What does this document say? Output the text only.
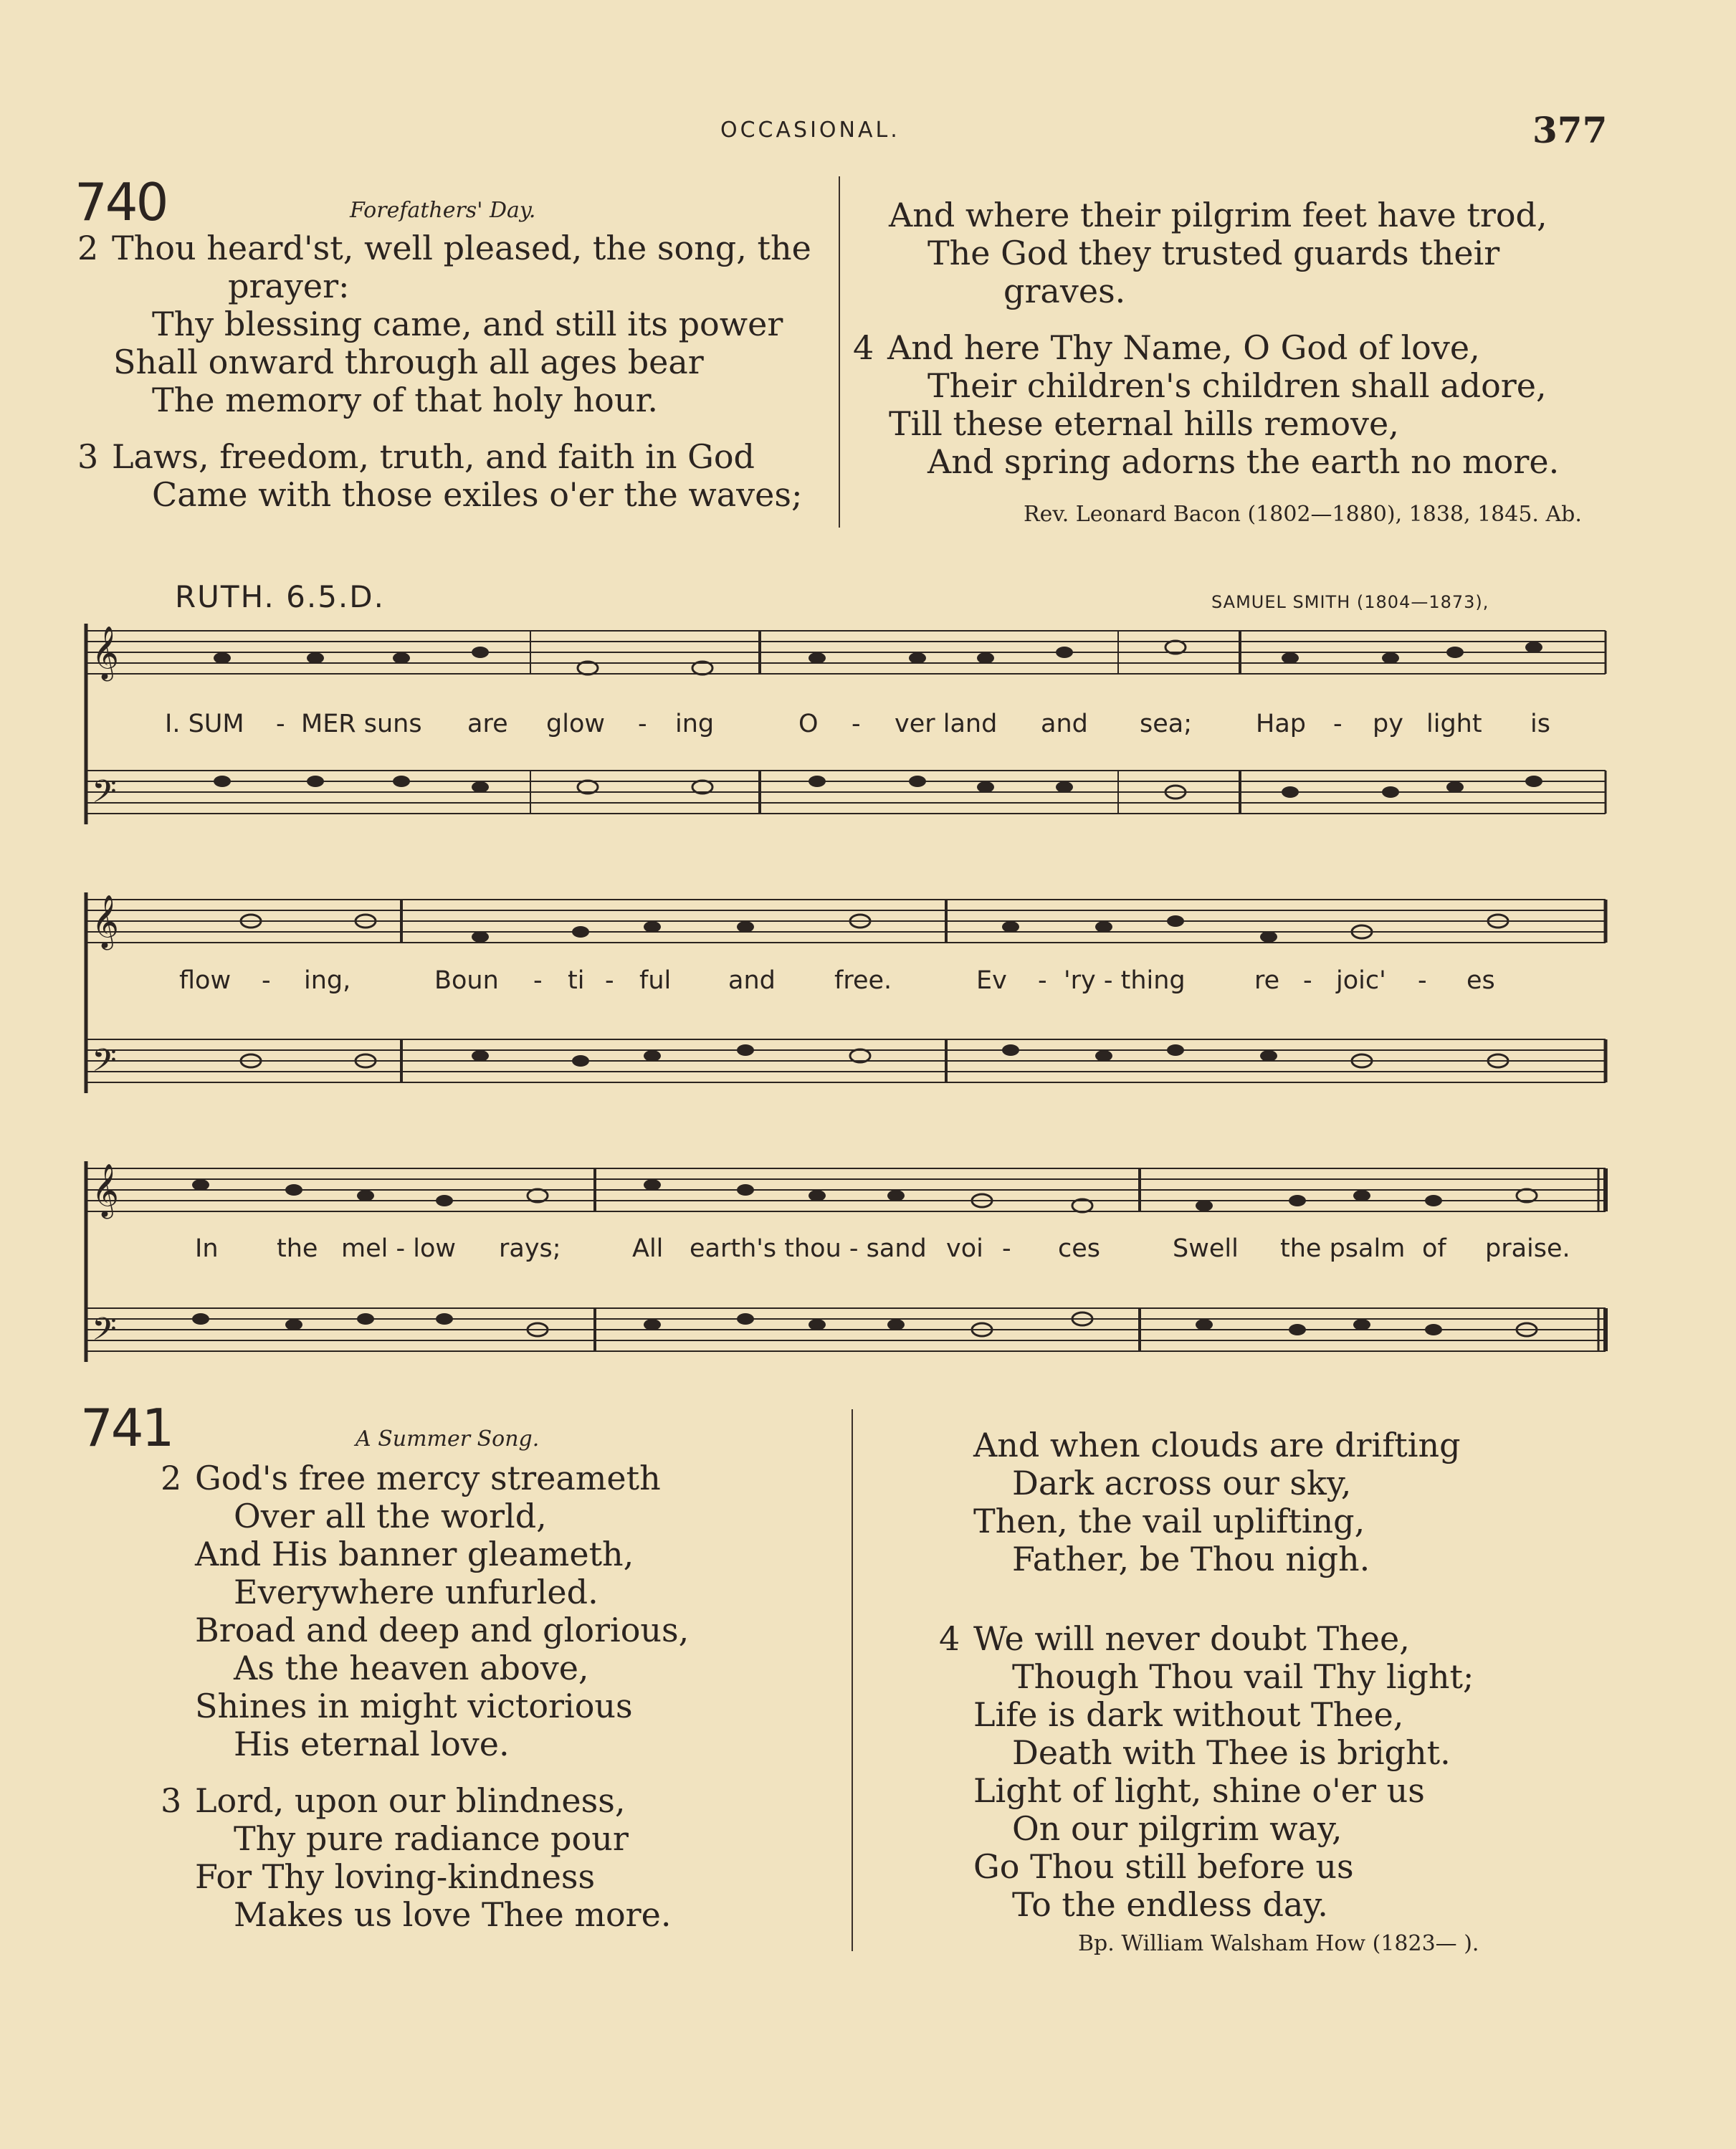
OCCASIONAL.	377
740	Forefathers' Day.
2 Thou heard'st, well pleased, the song, the
prayer:
Thy blessing came, and still its power
Shall onward through all ages bear
The memory of that holy hour.
3 Laws, freedom, truth, and faith in God
Came with those exiles o'er the waves;
And where their pilgrim feet have trod,
The God they trusted guards their
graves.
4 And here Thy Name, O God of love,
Their children's children shall adore,
Till these eternal hills remove,
And spring adorns the earth no more.
Rev. Leonard Bacon (1802—1880), 1838, 1845. Ab.
RUTH. 6.5.D.	SAMUEL SMITH (1804—1873),
𝄞
𝄢
𝄞
𝄢
𝄞
𝄢
I. SUM - MER suns are glow - ing	O - ver land and sea;	Hap - py light is
flow - ing,	Boun - ti - ful and free.	Ev - 'ry - thing	re - joic' - es
In the mel - low rays;	All earth's thou - sand voi - ces	Swell the psalm of praise.
741	A Summer Song.
2 God's free mercy streameth
Over all the world,
And His banner gleameth,
Everywhere unfurled.
Broad and deep and glorious,
As the heaven above,
Shines in might victorious
His eternal love.
3 Lord, upon our blindness,
Thy pure radiance pour
For Thy loving-kindness
Makes us love Thee more.
And when clouds are drifting
Dark across our sky,
Then, the vail uplifting,
Father, be Thou nigh.
4 We will never doubt Thee,
Though Thou vail Thy light;
Life is dark without Thee,
Death with Thee is bright.
Light of light, shine o'er us
On our pilgrim way,
Go Thou still before us
To the endless day.
Bp. William Walsham How (1823— ).
